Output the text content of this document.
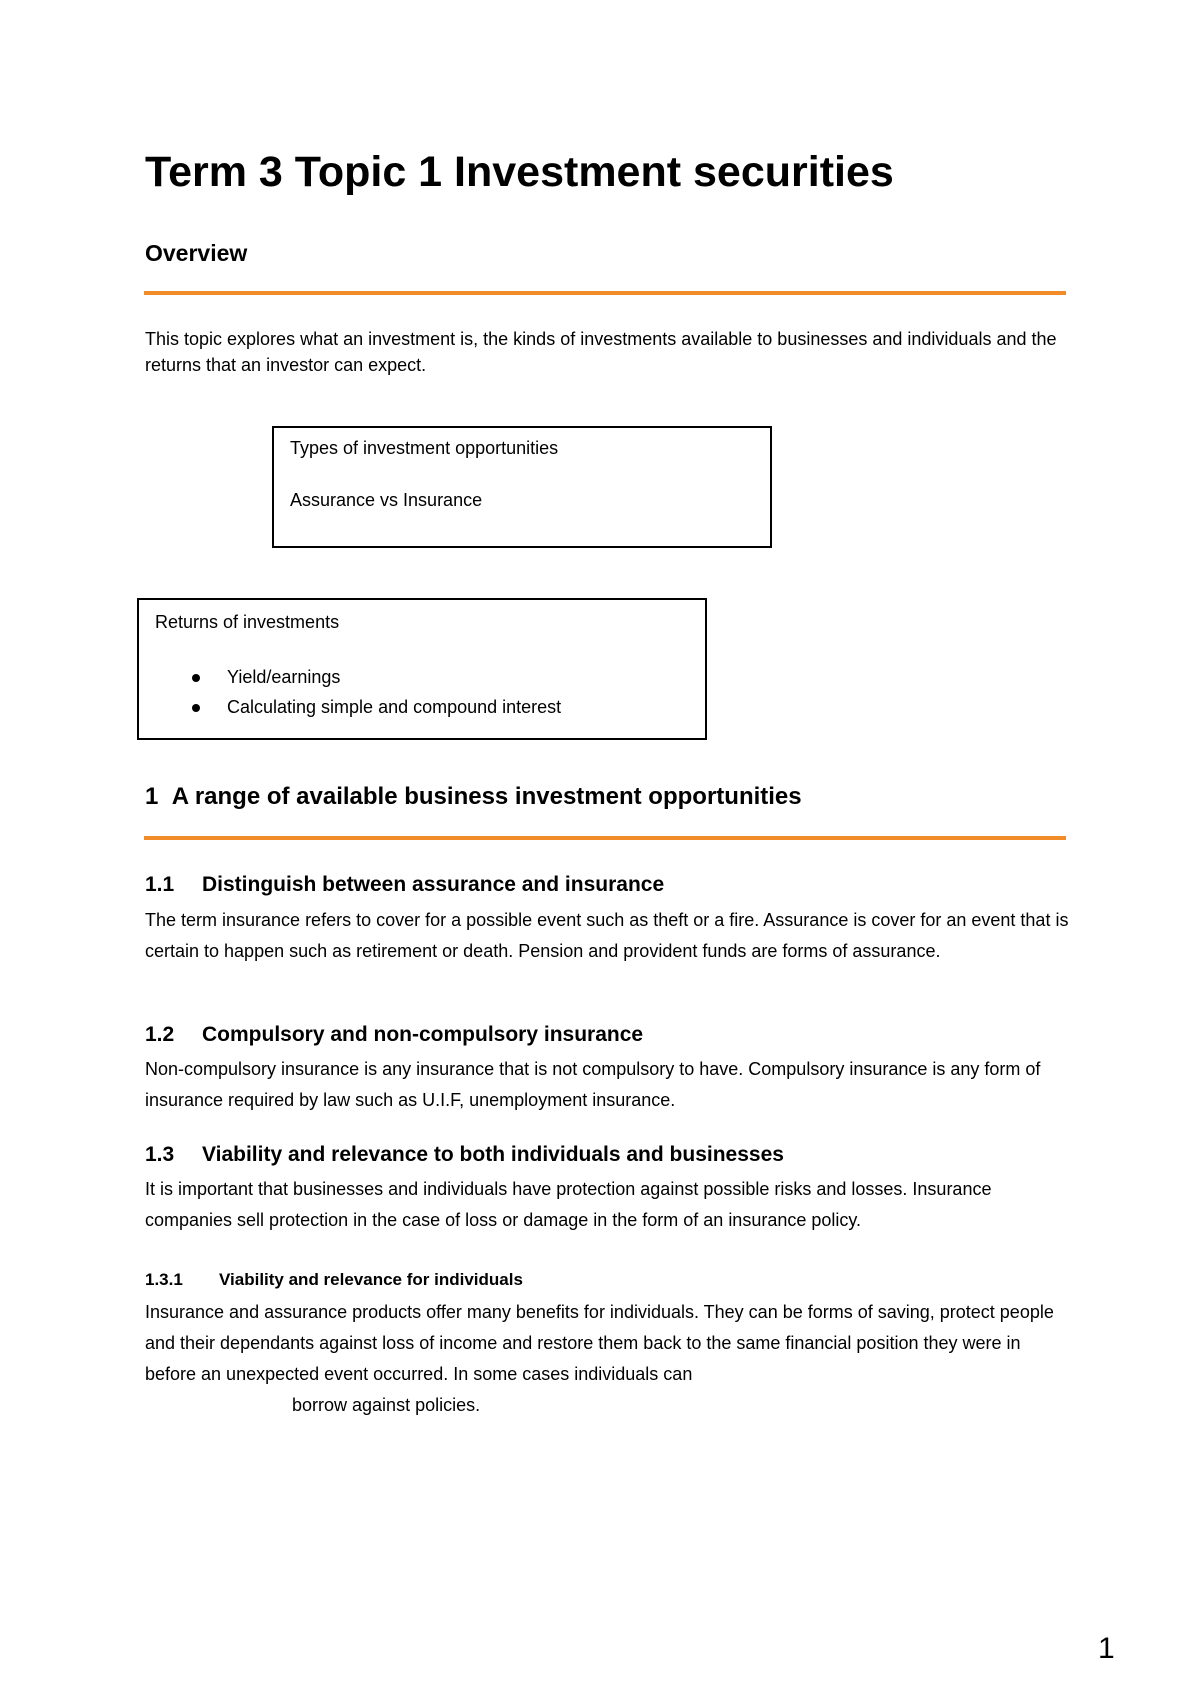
Term 3 Topic 1 Investment securities
Overview
This topic explores what an investment is, the kinds of investments available to businesses and individuals and the returns that an investor can expect.
Types of investment opportunities
Assurance vs Insurance
Returns of investments
Yield/earnings
Calculating simple and compound interest
1 A range of available business investment opportunities
1.1 Distinguish between assurance and insurance
The term insurance refers to cover for a possible event such as theft or a fire. Assurance is cover for an event that is certain to happen such as retirement or death. Pension and provident funds are forms of assurance.
1.2 Compulsory and non-compulsory insurance
Non-compulsory insurance is any insurance that is not compulsory to have. Compulsory insurance is any form of insurance required by law such as U.I.F, unemployment insurance.
1.3 Viability and relevance to both individuals and businesses
It is important that businesses and individuals have protection against possible risks and losses. Insurance companies sell protection in the case of loss or damage in the form of an insurance policy.
1.3.1 Viability and relevance for individuals
Insurance and assurance products offer many benefits for individuals. They can be forms of saving, protect people and their dependants against loss of income and restore them back to the same financial position they were in before an unexpected event occurred. In some cases individuals can
borrow against policies.
1
